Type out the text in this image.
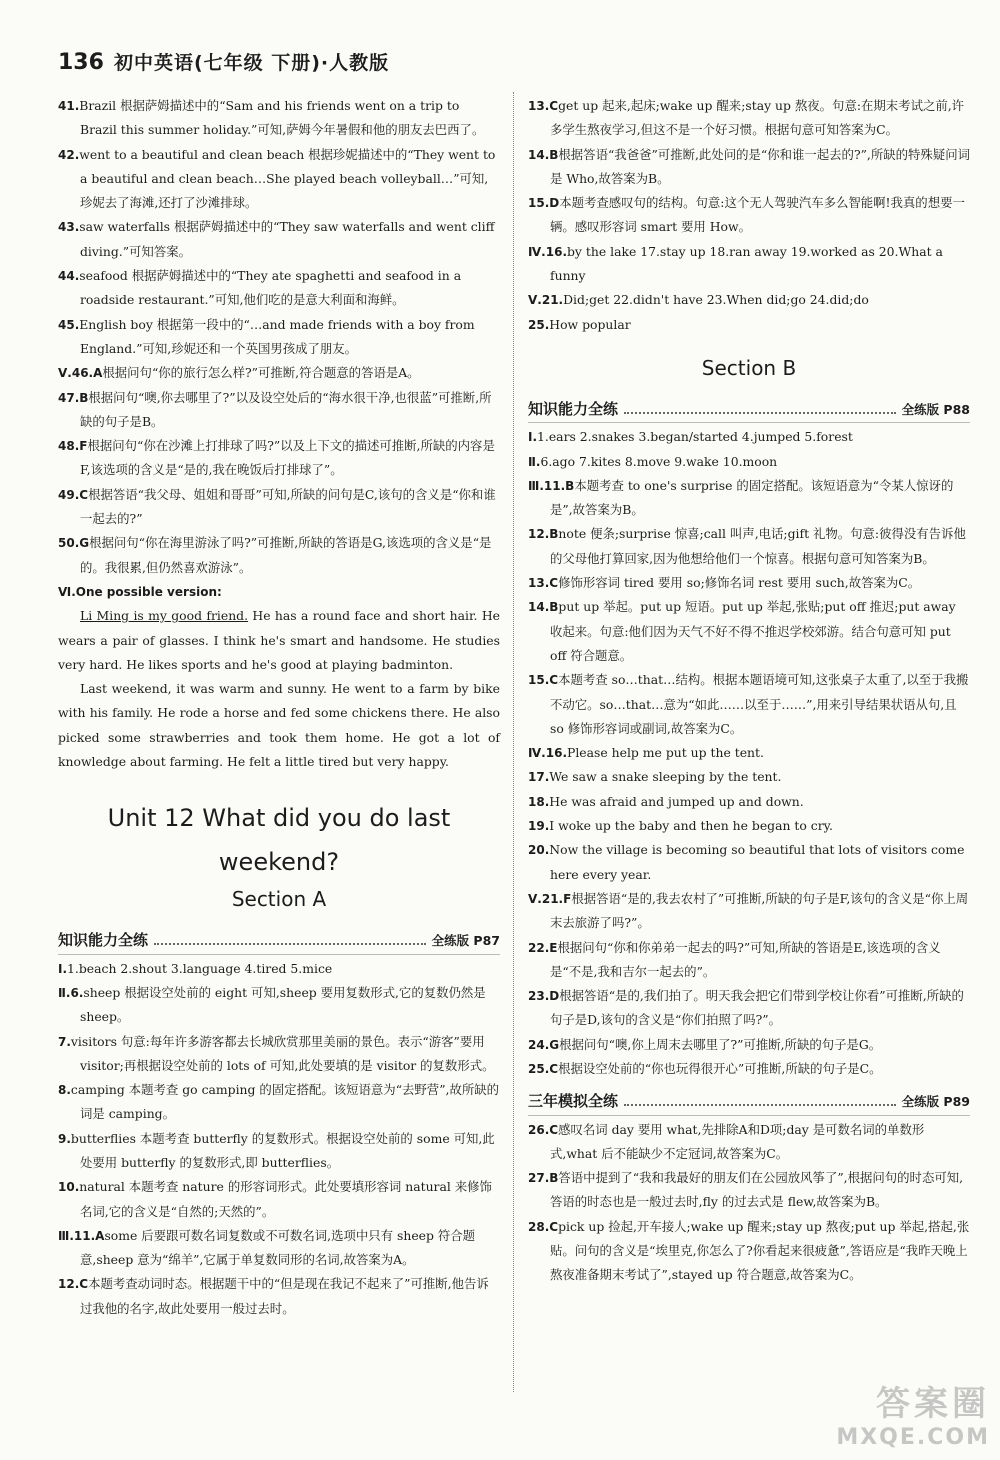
136 初中英语(七年级 下册)·人教版
41.Brazil 根据萨姆描述中的“Sam and his friends went on a trip to Brazil this summer holiday.”可知,萨姆今年暑假和他的朋友去巴西了。
42.went to a beautiful and clean beach 根据珍妮描述中的“They went to a beautiful and clean beach…She played beach volleyball…”可知,珍妮去了海滩,还打了沙滩排球。
43.saw waterfalls 根据萨姆描述中的“They saw waterfalls and went cliff diving.”可知答案。
44.seafood 根据萨姆描述中的“They ate spaghetti and seafood in a roadside restaurant.”可知,他们吃的是意大利面和海鲜。
45.English boy 根据第一段中的“…and made friends with a boy from England.”可知,珍妮还和一个英国男孩成了朋友。
Ⅴ.46.A根据问句“你的旅行怎么样?”可推断,符合题意的答语是A。
47.B根据问句“噢,你去哪里了?”以及设空处后的“海水很干净,也很蓝”可推断,所缺的句子是B。
48.F根据问句“你在沙滩上打排球了吗?”以及上下文的描述可推断,所缺的内容是F,该选项的含义是“是的,我在晚饭后打排球了”。
49.C根据答语“我父母、姐姐和哥哥”可知,所缺的问句是C,该句的含义是“你和谁一起去的?”
50.G根据问句“你在海里游泳了吗?”可推断,所缺的答语是G,该选项的含义是“是的。我很累,但仍然喜欢游泳”。
Ⅵ.One possible version:

Li Ming is my good friend. He has a round face and short hair. He wears a pair of glasses. I think he's smart and handsome. He studies very hard. He likes sports and he's good at playing badminton.

Last weekend, it was warm and sunny. He went to a farm by bike with his family. He rode a horse and fed some chickens there. He also picked some strawberries and took them home. He got a lot of knowledge about farming. He felt a little tired but very happy.

Unit 12 What did you do last
weekend?
Section A
知识能力全练	全练版 P87
Ⅰ.1.beach 2.shout 3.language 4.tired 5.mice
Ⅱ.6.sheep 根据设空处前的 eight 可知,sheep 要用复数形式,它的复数仍然是 sheep。
7.visitors 句意:每年许多游客都去长城欣赏那里美丽的景色。表示“游客”要用 visitor;再根据设空处前的 lots of 可知,此处要填的是 visitor 的复数形式。
8.camping 本题考查 go camping 的固定搭配。该短语意为“去野营”,故所缺的词是 camping。
9.butterflies 本题考查 butterfly 的复数形式。根据设空处前的 some 可知,此处要用 butterfly 的复数形式,即 butterflies。
10.natural 本题考查 nature 的形容词形式。此处要填形容词 natural 来修饰名词,它的含义是“自然的;天然的”。
Ⅲ.11.Asome 后要跟可数名词复数或不可数名词,选项中只有 sheep 符合题意,sheep 意为“绵羊”,它属于单复数同形的名词,故答案为A。
12.C本题考查动词时态。根据题干中的“但是现在我记不起来了”可推断,他告诉过我他的名字,故此处要用一般过去时。
13.Cget up 起来,起床;wake up 醒来;stay up 熬夜。句意:在期末考试之前,许多学生熬夜学习,但这不是一个好习惯。根据句意可知答案为C。
14.B根据答语“我爸爸”可推断,此处问的是“你和谁一起去的?”,所缺的特殊疑问词是 Who,故答案为B。
15.D本题考查感叹句的结构。句意:这个无人驾驶汽车多么智能啊!我真的想要一辆。感叹形容词 smart 要用 How。
Ⅳ.16.by the lake 17.stay up 18.ran away 19.worked as 20.What a funny
Ⅴ.21.Did;get 22.didn't have 23.When did;go 24.did;do
25.How popular
Section B
知识能力全练	全练版 P88
Ⅰ.1.ears 2.snakes 3.began/started 4.jumped 5.forest
Ⅱ.6.ago 7.kites 8.move 9.wake 10.moon
Ⅲ.11.B本题考查 to one's surprise 的固定搭配。该短语意为“令某人惊讶的是”,故答案为B。
12.Bnote 便条;surprise 惊喜;call 叫声,电话;gift 礼物。句意:彼得没有告诉他的父母他打算回家,因为他想给他们一个惊喜。根据句意可知答案为B。
13.C修饰形容词 tired 要用 so;修饰名词 rest 要用 such,故答案为C。
14.Bput up 举起。put up 短语。put up 举起,张贴;put off 推迟;put away 收起来。句意:他们因为天气不好不得不推迟学校郊游。结合句意可知 put off 符合题意。
15.C本题考查 so…that…结构。根据本题语境可知,这张桌子太重了,以至于我搬不动它。so…that…意为“如此……以至于……”,用来引导结果状语从句,且 so 修饰形容词或副词,故答案为C。
Ⅳ.16.Please help me put up the tent.
17.We saw a snake sleeping by the tent.
18.He was afraid and jumped up and down.
19.I woke up the baby and then he began to cry.
20.Now the village is becoming so beautiful that lots of visitors come here every year.
Ⅴ.21.F根据答语“是的,我去农村了”可推断,所缺的句子是F,该句的含义是“你上周末去旅游了吗?”。
22.E根据问句“你和你弟弟一起去的吗?”可知,所缺的答语是E,该选项的含义是“不是,我和吉尔一起去的”。
23.D根据答语“是的,我们拍了。明天我会把它们带到学校让你看”可推断,所缺的句子是D,该句的含义是“你们拍照了吗?”。
24.G根据问句“噢,你上周末去哪里了?”可推断,所缺的句子是G。
25.C根据设空处前的“你也玩得很开心”可推断,所缺的句子是C。
三年模拟全练	全练版 P89
26.C感叹名词 day 要用 what,先排除A和D项;day 是可数名词的单数形式,what 后不能缺少不定冠词,故答案为C。
27.B答语中提到了“我和我最好的朋友们在公园放风筝了”,根据问句的时态可知,答语的时态也是一般过去时,fly 的过去式是 flew,故答案为B。
28.Cpick up 捡起,开车接人;wake up 醒来;stay up 熬夜;put up 举起,搭起,张贴。问句的含义是“埃里克,你怎么了?你看起来很疲惫”,答语应是“我昨天晚上熬夜准备期末考试了”,stayed up 符合题意,故答案为C。
答案圈
MXQE.COM
